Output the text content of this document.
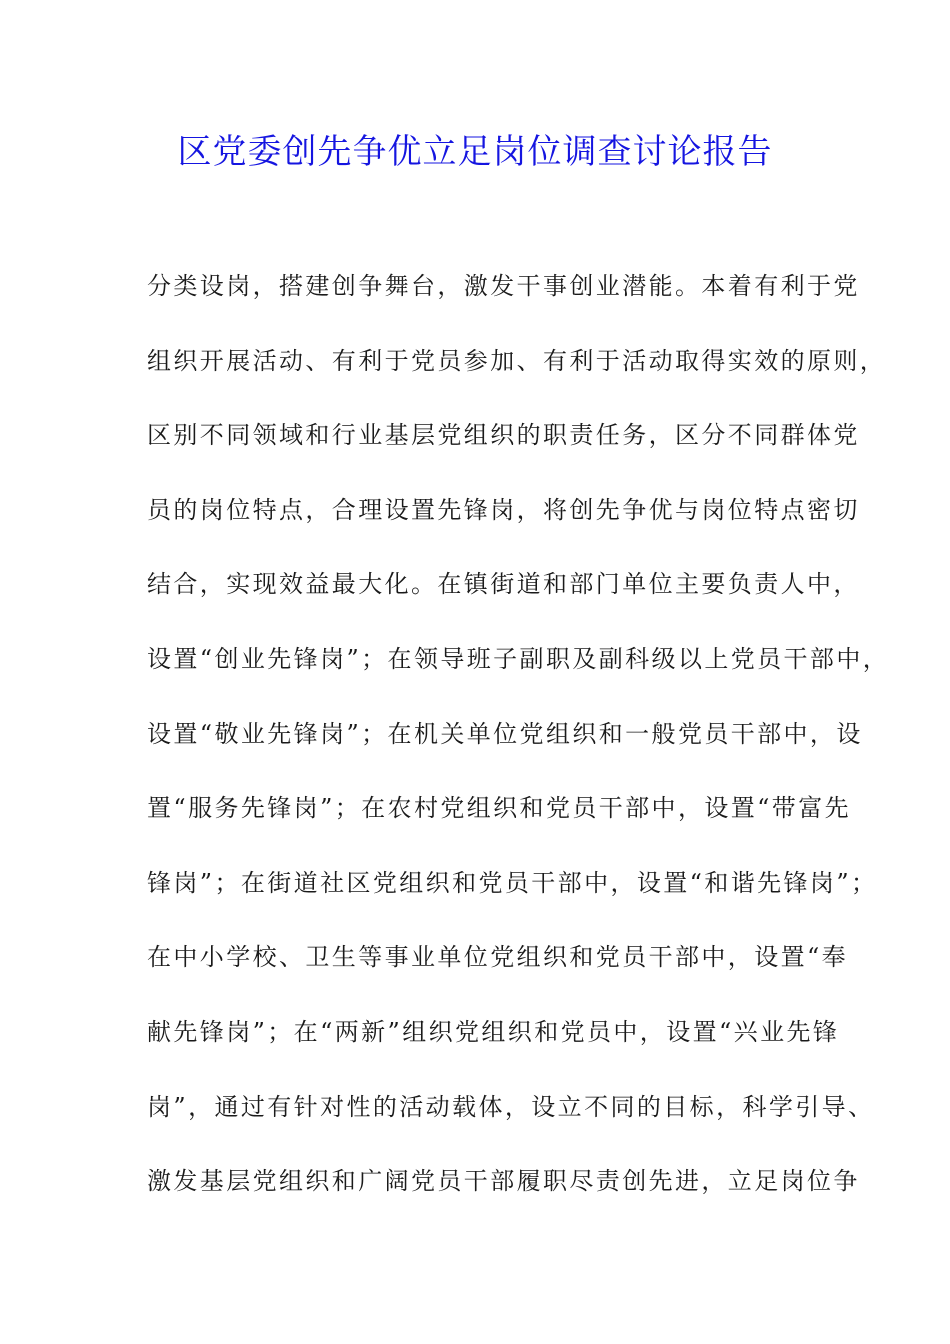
区党委创先争优立足岗位调查讨论报告
分类设岗，搭建创争舞台，激发干事创业潜能。本着有利于党
组织开展活动、有利于党员参加、有利于活动取得实效的原则，
区别不同领域和行业基层党组织的职责任务，区分不同群体党
员的岗位特点，合理设置先锋岗，将创先争优与岗位特点密切
结合，实现效益最大化。在镇街道和部门单位主要负责人中，
设置“创业先锋岗”；在领导班子副职及副科级以上党员干部中，
设置“敬业先锋岗”；在机关单位党组织和一般党员干部中，设
置“服务先锋岗”；在农村党组织和党员干部中，设置“带富先
锋岗”；在街道社区党组织和党员干部中，设置“和谐先锋岗”；
在中小学校、卫生等事业单位党组织和党员干部中，设置“奉
献先锋岗”；在“两新”组织党组织和党员中，设置“兴业先锋
岗”，通过有针对性的活动载体，设立不同的目标，科学引导、
激发基层党组织和广阔党员干部履职尽责创先进，立足岗位争
